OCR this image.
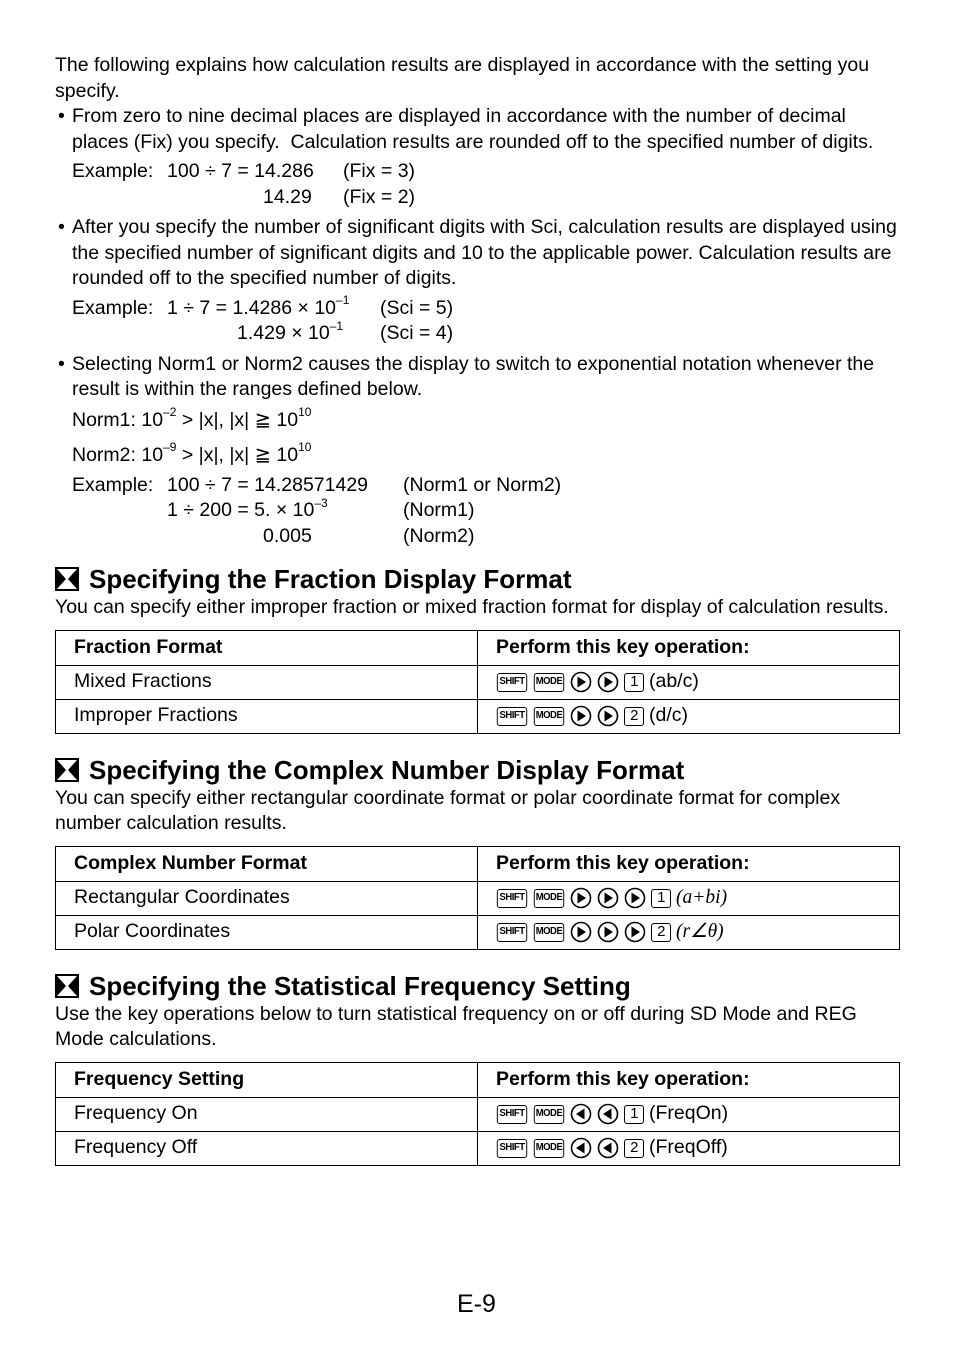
The following explains how calculation results are displayed in accordance with the setting you specify.

• From zero to nine decimal places are displayed in accordance with the number of decimal places (Fix) you specify.  Calculation results are rounded off to the specified number of digits.

Example: 100 ÷ 7 = 14.286 (Fix = 3)
14.29 (Fix = 2)
• After you specify the number of significant digits with Sci, calculation results are displayed using the specified number of significant digits and 10 to the applicable power. Calculation results are rounded off to the specified number of digits.

Example: $1 \div 7 = 1.4286 \times 10^{-1}$ (Sci = 5)
$1.429 \times 10^{-1}$ (Sci = 4)
• Selecting Norm1 or Norm2 causes the display to switch to exponential notation whenever the result is within the ranges defined below.

Norm1: $10^{-2} > |x|$, |x| ≧ $10^{10}$
Norm2: $10^{-9} > |x|$, |x| ≧ $10^{10}$
Example: 100 ÷ 7 = 14.28571429 (Norm1 or Norm2)
1 ÷ 200 = 5. × $10^{-3}$	(Norm1)
0.005	(Norm2)
Specifying the Fraction Display Format

You can specify either improper fraction or mixed fraction format for display of calculation results.

Fraction Format	Perform this key operation:
Mixed Fractions	SHIFT MODE 1 (ab/c)
Improper Fractions	SHIFT MODE 2 (d/c)
Specifying the Complex Number Display Format

You can specify either rectangular coordinate format or polar coordinate format for complex number calculation results.

Complex Number Format	Perform this key operation:
Rectangular Coordinates	SHIFT MODE 1 (a+bi)
Polar Coordinates	SHIFT MODE 2 (r∠θ)
Specifying the Statistical Frequency Setting

Use the key operations below to turn statistical frequency on or off during SD Mode and REG Mode calculations.

Frequency Setting	Perform this key operation:
Frequency On	SHIFT MODE 1 (FreqOn)
Frequency Off	SHIFT MODE 2 (FreqOff)
E-9
